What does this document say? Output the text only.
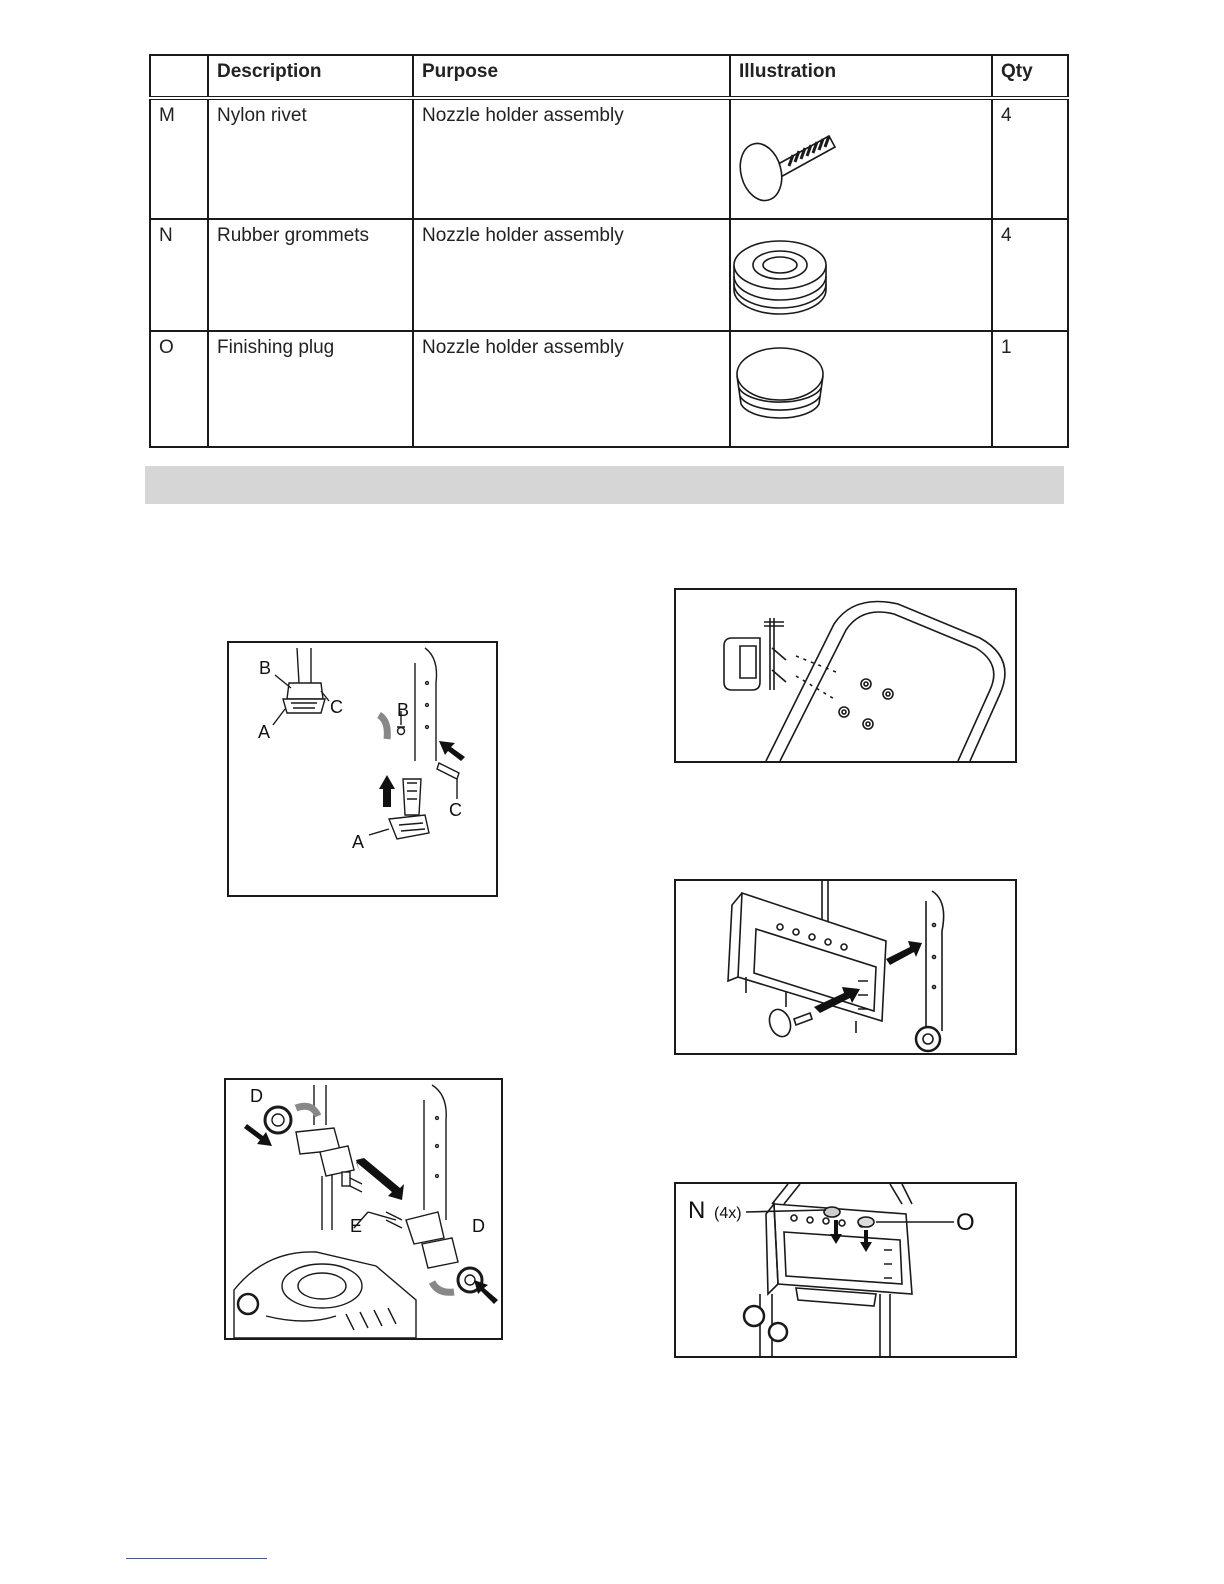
	Description	Purpose	Illustration	Qty
M	Nylon rivet	Nozzle holder assembly		4
N	Rubber grommets	Nozzle holder assembly		4
O	Finishing plug	Nozzle holder assembly		1
B
C
A
B
C
A
D
E	D
N (4x)	O
